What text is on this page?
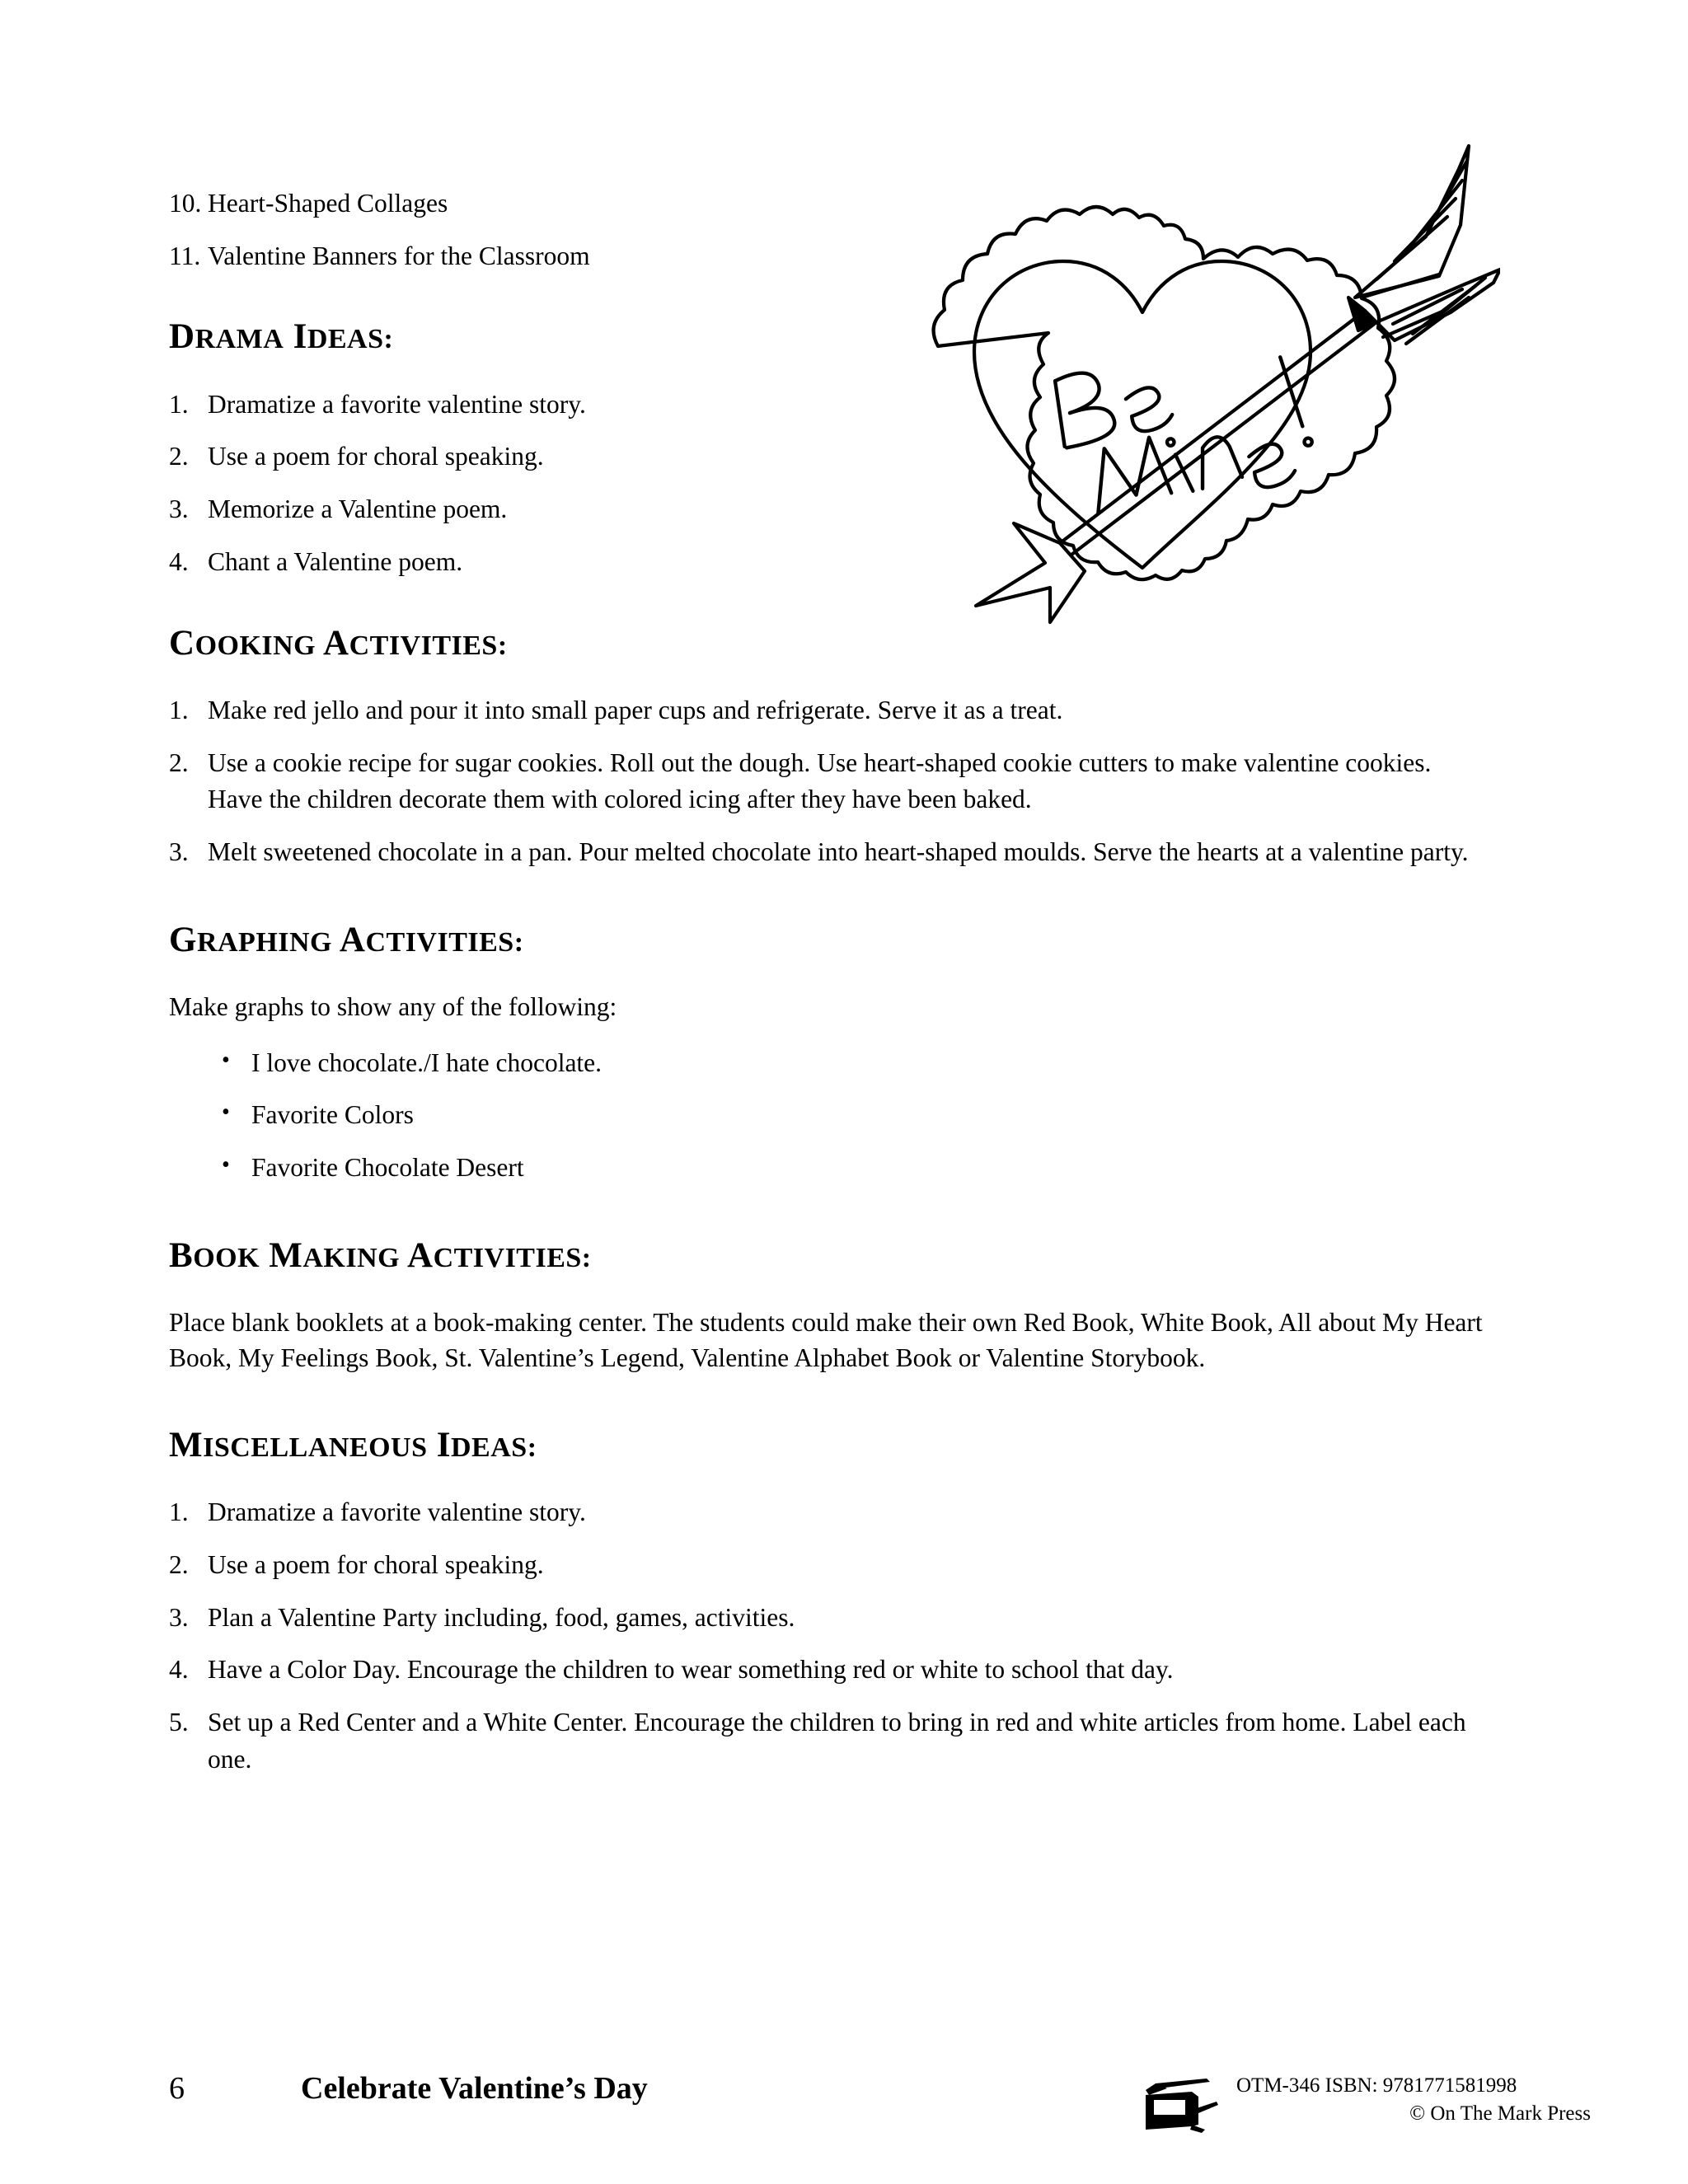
10. Heart-Shaped Collages
11. Valentine Banners for the Classroom
DRAMA IDEAS:
1. Dramatize a favorite valentine story.
2. Use a poem for choral speaking.
3. Memorize a Valentine poem.
4. Chant a Valentine poem.
COOKING ACTIVITIES:
1. Make red jello and pour it into small paper cups and refrigerate. Serve it as a treat.
2. Use a cookie recipe for sugar cookies. Roll out the dough. Use heart-shaped cookie cutters to make valentine cookies. Have the children decorate them with colored icing after they have been baked.
3. Melt sweetened chocolate in a pan. Pour melted chocolate into heart-shaped moulds. Serve the hearts at a valentine party.
GRAPHING ACTIVITIES:

Make graphs to show any of the following:

• I love chocolate./I hate chocolate.
• Favorite Colors
• Favorite Chocolate Desert
BOOK MAKING ACTIVITIES:

Place blank booklets at a book-making center. The students could make their own Red Book, White Book, All about My Heart Book, My Feelings Book, St. Valentine’s Legend, Valentine Alphabet Book or Valentine Storybook.

MISCELLANEOUS IDEAS:
1. Dramatize a favorite valentine story.
2. Use a poem for choral speaking.
3. Plan a Valentine Party including, food, games, activities.
4. Have a Color Day. Encourage the children to wear something red or white to school that day.
5. Set up a Red Center and a White Center. Encourage the children to bring in red and white articles from home. Label each one.
6	Celebrate Valentine’s Day	OTM-346 ISBN: 9781771581998
© On The Mark Press
